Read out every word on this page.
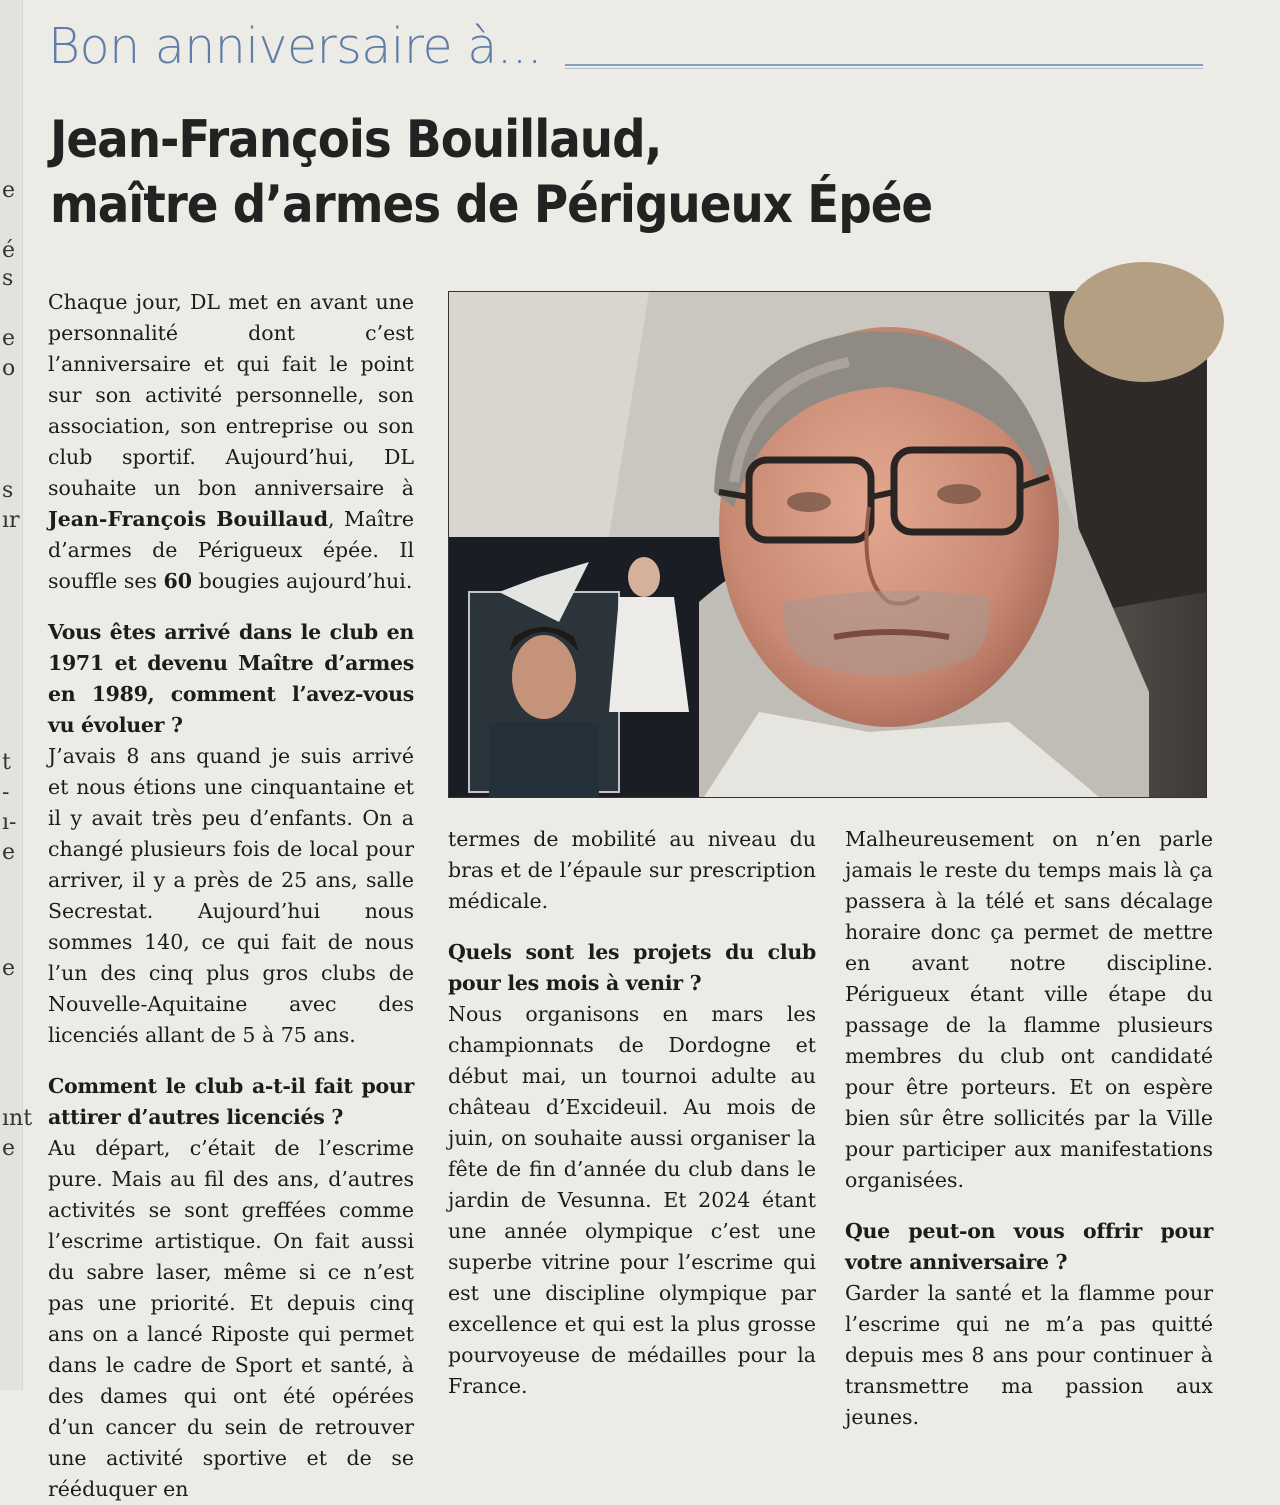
e
é
s
e
o
s
ır
t
-
ı-
e
e
ınt
e
Bon anniversaire à...
Jean-François Bouillaud,
maître d’armes de Périgueux Épée

Chaque jour, DL met en avant une personnalité dont c’est l’anniversaire et qui fait le point sur son activité personnelle, son association, son entreprise ou son club sportif. Aujourd’hui, DL souhaite un bon anniversaire à Jean-François Bouillaud, Maître d’armes de Périgueux épée. Il souffle ses 60 bougies aujourd’hui.

Vous êtes arrivé dans le club en 1971 et devenu Maître d’armes en 1989, comment l’avez-vous vu évoluer ?

J’avais 8 ans quand je suis arrivé et nous étions une cinquantaine et il y avait très peu d’enfants. On a changé plusieurs fois de local pour arriver, il y a près de 25 ans, salle Secrestat. Aujourd’hui nous sommes 140, ce qui fait de nous l’un des cinq plus gros clubs de Nouvelle-Aquitaine avec des licenciés allant de 5 à 75 ans.

Comment le club a-t-il fait pour attirer d’autres licenciés ?

Au départ, c’était de l’escrime pure. Mais au fil des ans, d’autres activités se sont greffées comme l’escrime artistique. On fait aussi du sabre laser, même si ce n’est pas une priorité. Et depuis cinq ans on a lancé Riposte qui permet dans le cadre de Sport et santé, à des dames qui ont été opérées d’un cancer du sein de retrouver une activité sportive et de se rééduquer en

termes de mobilité au niveau du bras et de l’épaule sur prescription médicale.

Quels sont les projets du club pour les mois à venir ?

Nous organisons en mars les championnats de Dordogne et début mai, un tournoi adulte au château d’Excideuil. Au mois de juin, on souhaite aussi organiser la fête de fin d’année du club dans le jardin de Vesunna. Et 2024 étant une année olympique c’est une superbe vitrine pour l’escrime qui est une discipline olympique par excellence et qui est la plus grosse pourvoyeuse de médailles pour la France.

Malheureusement on n’en parle jamais le reste du temps mais là ça passera à la télé et sans décalage horaire donc ça permet de mettre en avant notre discipline. Périgueux étant ville étape du passage de la flamme plusieurs membres du club ont candidaté pour être porteurs. Et on espère bien sûr être sollicités par la Ville pour participer aux manifestations organisées.

Que peut-on vous offrir pour votre anniversaire ?

Garder la santé et la flamme pour l’escrime qui ne m’a pas quitté depuis mes 8 ans pour continuer à transmettre ma passion aux jeunes.
